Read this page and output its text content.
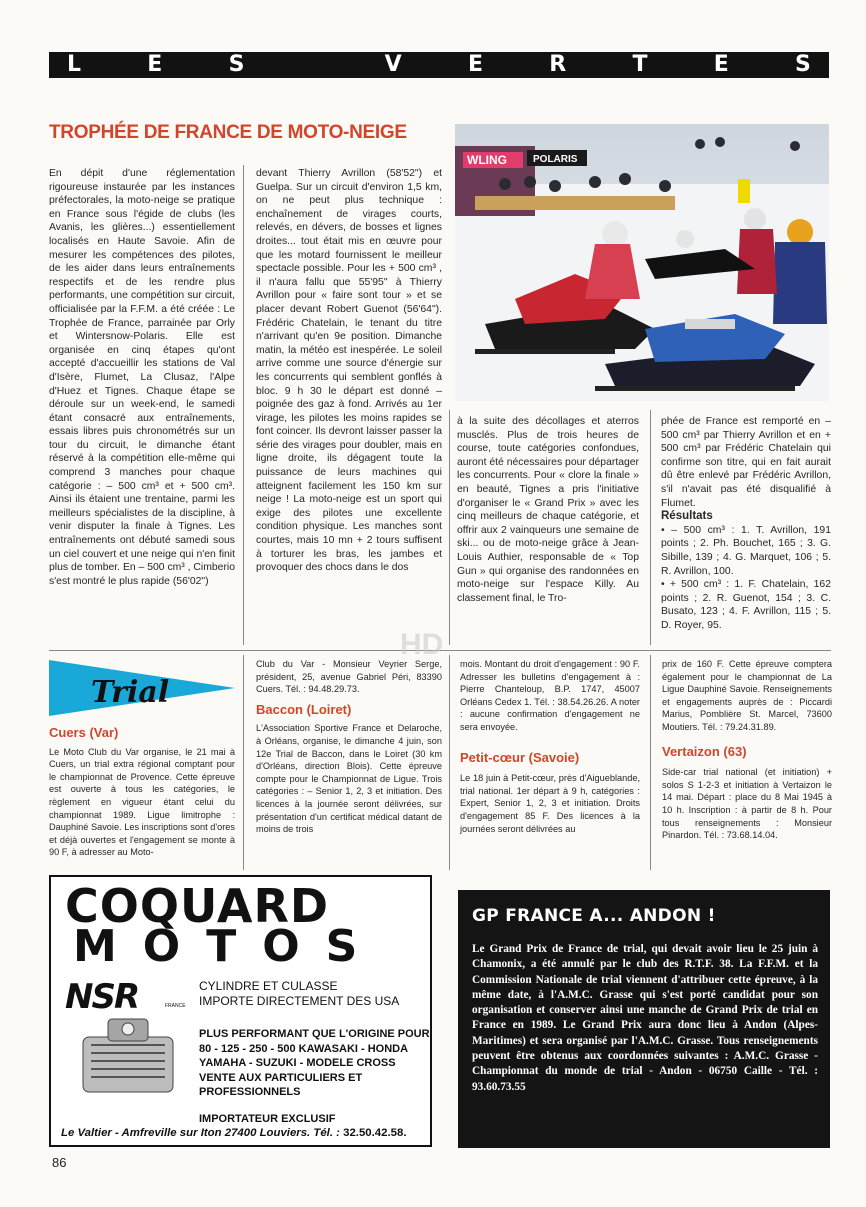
L	E	S
	V	E	R	T	E	S
TROPHÉE DE FRANCE DE MOTO-NEIGE
En dépit d'une réglementation rigoureuse instaurée par les instances préfectorales, la moto-neige se pratique en France sous l'égide de clubs (les Avanis, les glières...) essentiellement localisés en Haute Savoie. Afin de mesurer les compétences des pilotes, de les aider dans leurs entraînements respectifs et de les rendre plus performants, une compétition sur circuit, officialisée par la F.F.M. a été créée : Le Trophée de France, parrainée par Orly et Wintersnow-Polaris. Elle est organisée en cinq étapes qu'ont accepté d'accueillir les stations de Val d'Isère, Flumet, La Clusaz, l'Alpe d'Huez et Tignes. Chaque étape se déroule sur un week-end, le samedi étant consacré aux entraînements, essais libres puis chronométrés sur un tour du circuit, le dimanche étant réservé à la compétition elle-même qui comprend 3 manches pour chaque catégorie : – 500 cm³ et + 500 cm³. Ainsi ils étaient une trentaine, parmi les meilleurs spécialistes de la discipline, à venir disputer la finale à Tignes. Les entraînements ont débuté samedi sous un ciel couvert et une neige qui n'en finit plus de tomber. En – 500 cm³ , Cimberio s'est montré le plus rapide (56'02")
devant Thierry Avrillon (58'52") et Guelpa. Sur un circuit d'environ 1,5 km, on ne peut plus technique : enchaînement de virages courts, relevés, en dévers, de bosses et lignes droites... tout était mis en œuvre pour que les motard fournissent le meilleur spectacle possible. Pour les + 500 cm³ , il n'aura fallu que 55'95" à Thierry Avrillon pour « faire sont tour » et se placer devant Robert Guenot (56'64"). Frédéric Chatelain, le tenant du titre n'arrivant qu'en 9e position. Dimanche matin, la météo est inespérée. Le soleil arrive comme une source d'énergie sur les concurrents qui semblent gonflés à bloc. 9 h 30 le départ est donné – poignée des gaz à fond. Arrivés au 1er virage, les pilotes les moins rapides se font coincer. Ils devront laisser passer la série des virages pour doubler, mais en ligne droite, ils dégagent toute la puissance de leurs machines qui atteignent facilement les 150 km sur neige ! La moto-neige est un sport qui exige des pilotes une excellente condition physique. Les manches sont courtes, mais 10 mn + 2 tours suffisent à torturer les bras, les jambes et provoquer des chocs dans le dos
à la suite des décollages et aterros musclés. Plus de trois heures de course, toute catégories confondues, auront été nécessaires pour départager les concurrents. Pour « clore la finale » en beauté, Tignes a pris l'initiative d'organiser le « Grand Prix » avec les cinq meilleurs de chaque catégorie, et offrir aux 2 vainqueurs une semaine de ski... ou de moto-neige grâce à Jean-Louis Authier, responsable de « Top Gun » qui organise des randonnées en moto-neige sur l'espace Killy. Au classement final, le Tro-

phée de France est remporté en – 500 cm³ par Thierry Avrillon et en + 500 cm³ par Frédéric Chatelain qui confirme son titre, qui en fait aurait dû être enlevé par Frédéric Avrillon, s'il n'avait pas été disqualifié à Flumet.

Résultats

• – 500 cm³ : 1. T. Avrillon, 191 points ; 2. Ph. Bouchet, 165 ; 3. G. Sibille, 139 ; 4. G. Marquet, 106 ; 5. R. Avrillon, 100.

• + 500 cm³ : 1. F. Chatelain, 162 points ; 2. R. Guenot, 154 ; 3. C. Busato, 123 ; 4. F. Avrillon, 115 ; 5. D. Royer, 95.

WLING	POLARIS
Trial
Cuers (Var)
Le Moto Club du Var organise, le 21 mai à Cuers, un trial extra régional comptant pour le championnat de Provence. Cette épreuve est ouverte à tous les catégories, le règlement en vigueur étant celui du championnat 1989. Ligue limitrophe : Dauphiné Savoie. Les inscriptions sont d'ores et déjà ouvertes et l'engagement se monte à 90 F, à adresser au Moto-
Club du Var - Monsieur Veyrier Serge, président, 25, avenue Gabriel Péri, 83390 Cuers. Tél. : 94.48.29.73.
Baccon (Loiret)
L'Association Sportive France et Delaroche, à Orléans, organise, le dimanche 4 juin, son 12e Trial de Baccon, dans le Loiret (30 km d'Orléans, direction Blois). Cette épreuve compte pour le Championnat de Ligue. Trois catégories : – Senior 1, 2, 3 et initiation. Des licences à la journée seront délivrées, sur présentation d'un certificat médical datant de moins de trois
mois. Montant du droit d'engagement : 90 F. Adresser les bulletins d'engagement à : Pierre Chanteloup, B.P. 1747, 45007 Orléans Cedex 1. Tél. : 38.54.26.26. A noter : aucune confirmation d'engagement ne sera envoyée.
Petit-cœur (Savoie)
Le 18 juin à Petit-cœur, près d'Aigueblande, trial national. 1er départ à 9 h, catégories : Expert, Senior 1, 2, 3 et initiation. Droits d'engagement 85 F. Des licences à la journées seront délivrées au
prix de 160 F. Cette épreuve comptera également pour le championnat de La Ligue Dauphiné Savoie. Renseignements et engagements auprès de : Piccardi Marius, Pomblière St. Marcel, 73600 Moutiers. Tél. : 79.24.31.89.
Vertaizon (63)
Side-car trial national (et initiation) + solos S 1-2-3 et initiation à Vertaizon le 14 mai. Départ : place du 8 Mai 1945 à 10 h. Inscription : à partir de 8 h. Pour tous renseignements : Monsieur Pinardon. Tél. : 73.68.14.04.
HD
COQUARD
MOTOS
NSR	FRANCE
CYLINDRE ET CULASSE
IMPORTE DIRECTEMENT DES USA
PLUS PERFORMANT QUE L'ORIGINE POUR
80 - 125 - 250 - 500 KAWASAKI - HONDA
YAMAHA - SUZUKI - MODELE CROSS
VENTE AUX PARTICULIERS ET PROFESSIONNELS
IMPORTATEUR EXCLUSIF
Le Valtier - Amfreville sur Iton 27400 Louviers. Tél. : 32.50.42.58.
GP FRANCE A... ANDON !
Le Grand Prix de France de trial, qui devait avoir lieu le 25 juin à Chamonix, a été annulé par le club des R.T.F. 38. La F.F.M. et la Commission Nationale de trial viennent d'attribuer cette épreuve, à la même date, à l'A.M.C. Grasse qui s'est porté candidat pour son organisation et conserver ainsi une manche de Grand Prix de trial en France en 1989. Le Grand Prix aura donc lieu à Andon (Alpes-Maritimes) et sera organisé par l'A.M.C. Grasse. Tous renseignements peuvent être obtenus aux coordonnées suivantes : A.M.C. Grasse - Championnat du monde de trial - Andon - 06750 Caille - Tél. : 93.60.73.55
86
